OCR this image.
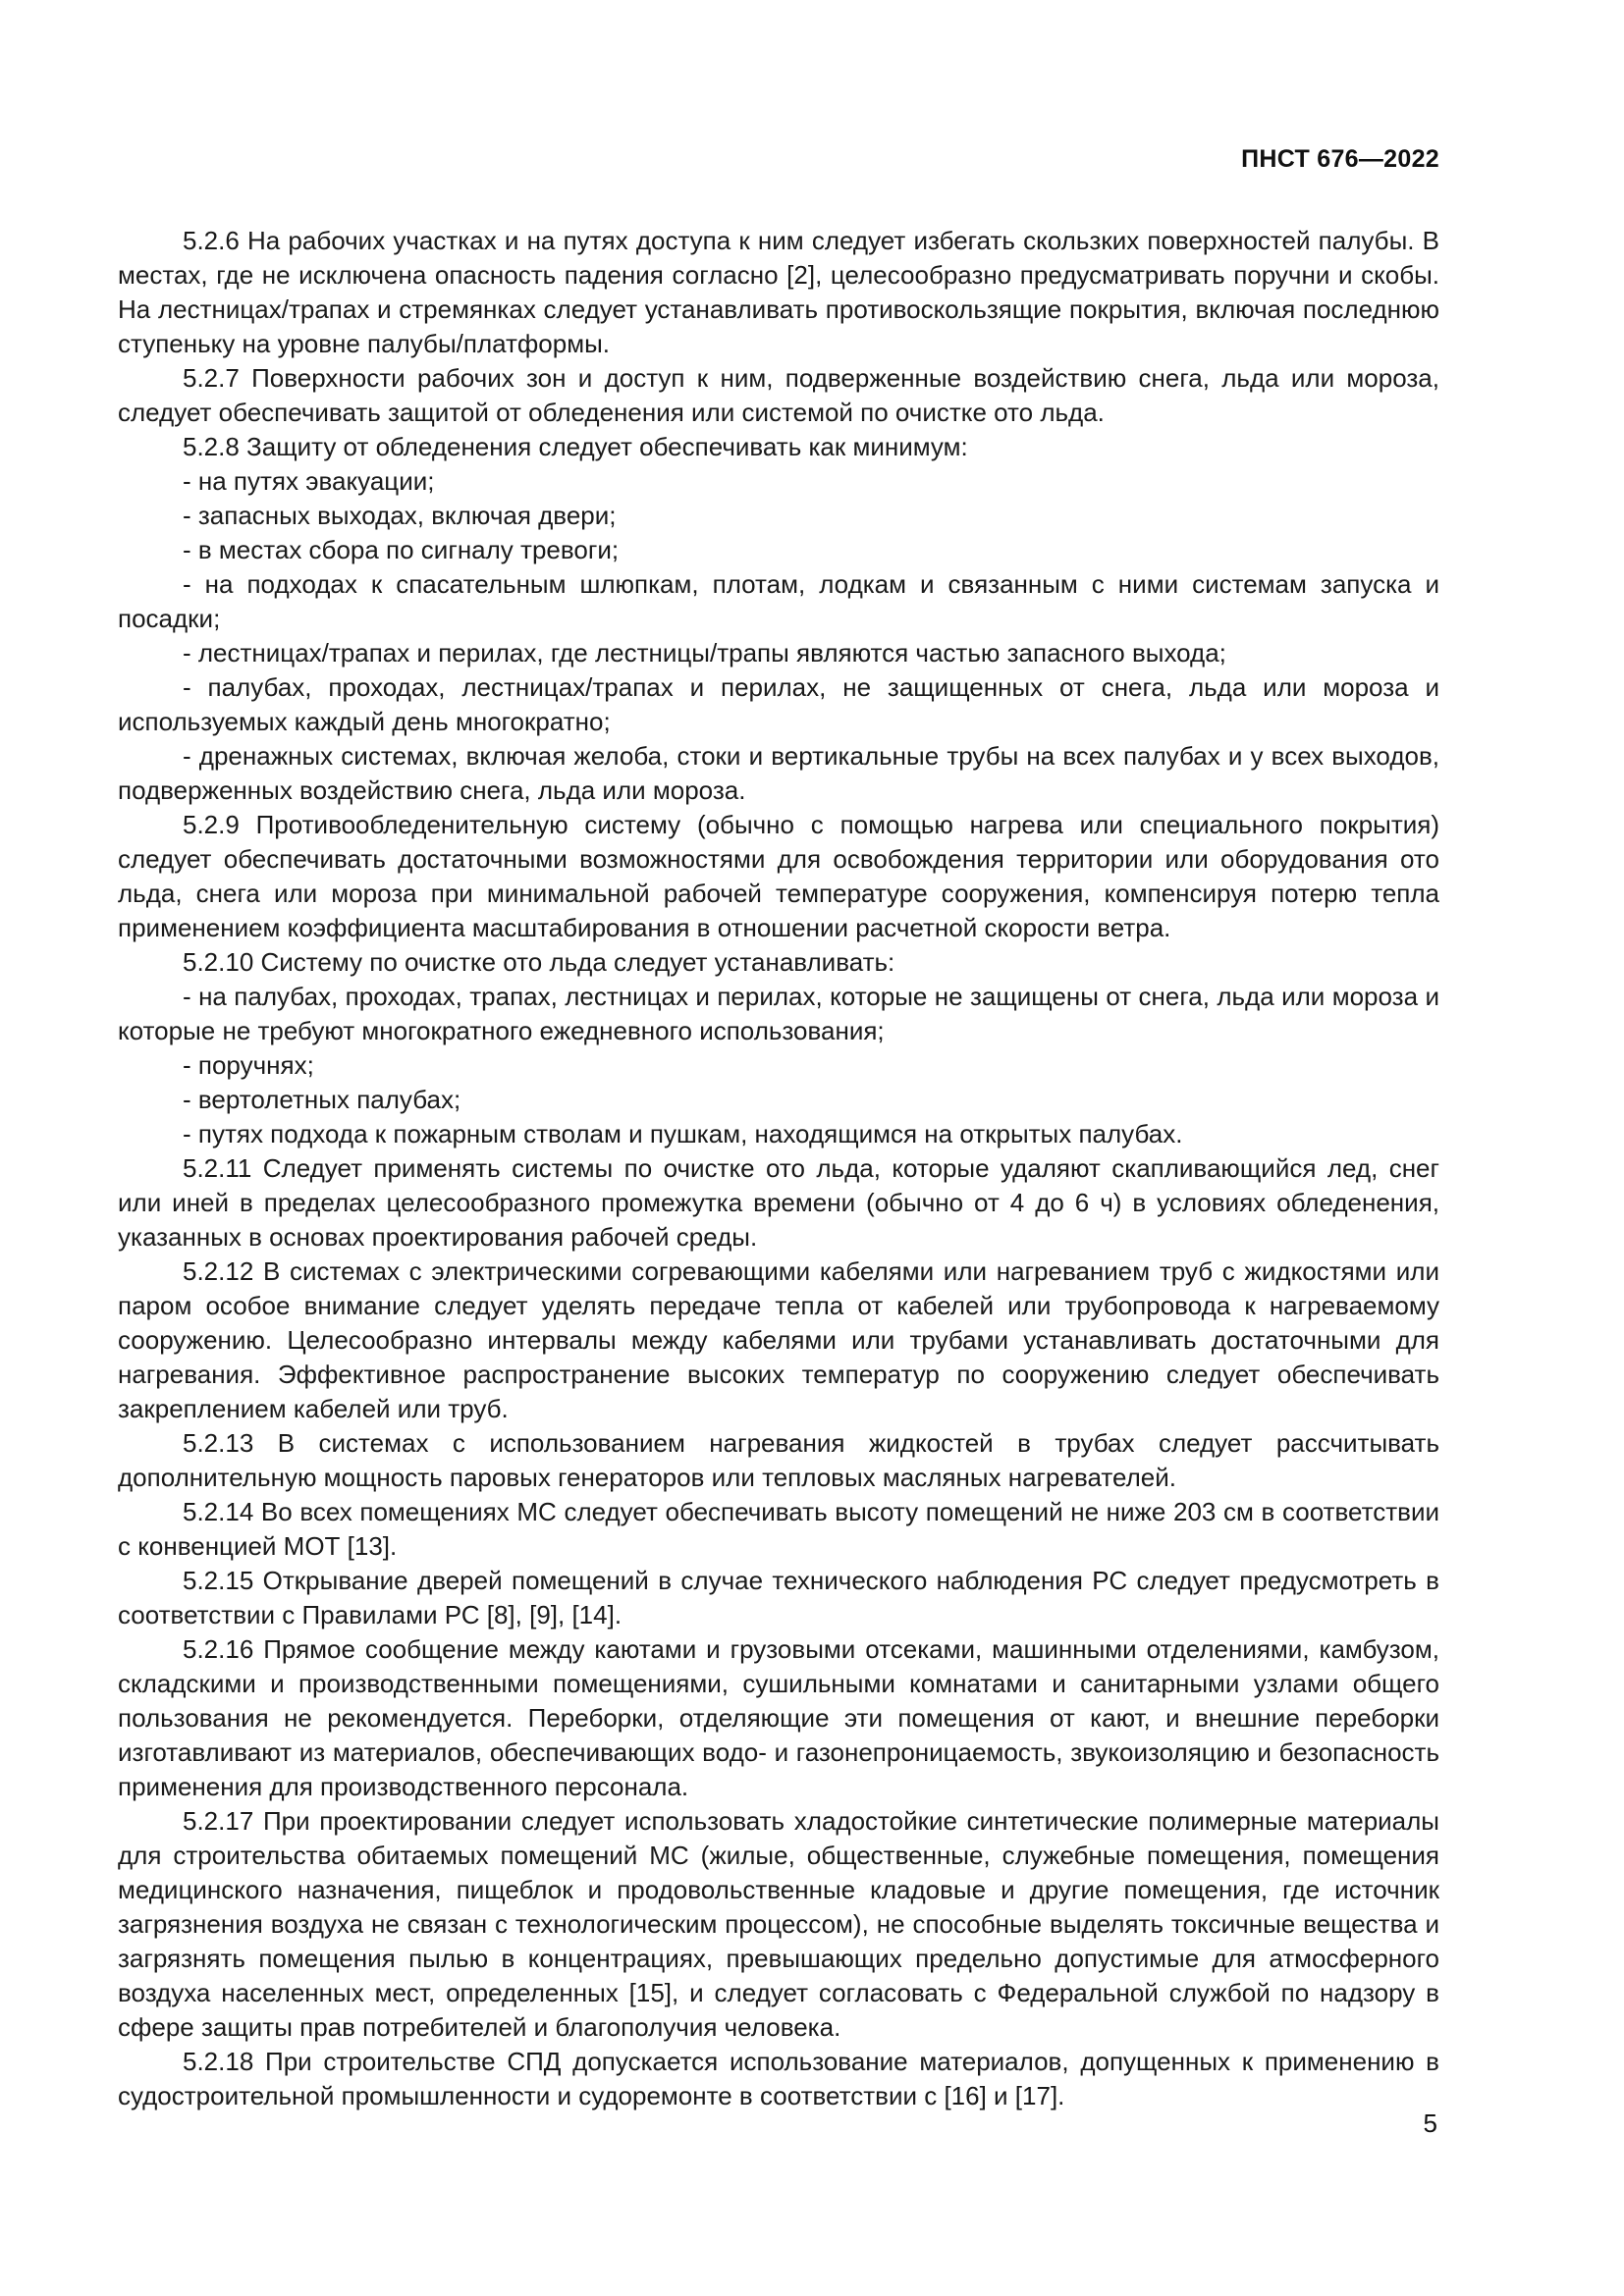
ПНСТ 676—2022

5.2.6 На рабочих участках и на путях доступа к ним следует избегать скользких поверхностей палубы. В местах, где не исключена опасность падения согласно [2], целесообразно предусматривать поручни и скобы. На лестницах/трапах и стремянках следует устанавливать противоскользящие покрытия, включая последнюю ступеньку на уровне палубы/платформы.

5.2.7 Поверхности рабочих зон и доступ к ним, подверженные воздействию снега, льда или мороза, следует обеспечивать защитой от обледенения или системой по очистке ото льда.

5.2.8 Защиту от обледенения следует обеспечивать как минимум:

- на путях эвакуации;

- запасных выходах, включая двери;

- в местах сбора по сигналу тревоги;

- на подходах к спасательным шлюпкам, плотам, лодкам и связанным с ними системам запуска и посадки;

- лестницах/трапах и перилах, где лестницы/трапы являются частью запасного выхода;

- палубах, проходах, лестницах/трапах и перилах, не защищенных от снега, льда или мороза и используемых каждый день многократно;

- дренажных системах, включая желоба, стоки и вертикальные трубы на всех палубах и у всех выходов, подверженных воздействию снега, льда или мороза.

5.2.9 Противообледенительную систему (обычно с помощью нагрева или специального покрытия) следует обеспечивать достаточными возможностями для освобождения территории или оборудования ото льда, снега или мороза при минимальной рабочей температуре сооружения, компенсируя потерю тепла применением коэффициента масштабирования в отношении расчетной скорости ветра.

5.2.10 Систему по очистке ото льда следует устанавливать:

- на палубах, проходах, трапах, лестницах и перилах, которые не защищены от снега, льда или мороза и которые не требуют многократного ежедневного использования;

- поручнях;

- вертолетных палубах;

- путях подхода к пожарным стволам и пушкам, находящимся на открытых палубах.

5.2.11 Следует применять системы по очистке ото льда, которые удаляют скапливающийся лед, снег или иней в пределах целесообразного промежутка времени (обычно от 4 до 6 ч) в условиях обледенения, указанных в основах проектирования рабочей среды.

5.2.12 В системах с электрическими согревающими кабелями или нагреванием труб с жидкостями или паром особое внимание следует уделять передаче тепла от кабелей или трубопровода к нагреваемому сооружению. Целесообразно интервалы между кабелями или трубами устанавливать достаточными для нагревания. Эффективное распространение высоких температур по сооружению следует обеспечивать закреплением кабелей или труб.

5.2.13 В системах с использованием нагревания жидкостей в трубах следует рассчитывать дополнительную мощность паровых генераторов или тепловых масляных нагревателей.

5.2.14 Во всех помещениях МС следует обеспечивать высоту помещений не ниже 203 см в соответствии с конвенцией МОТ [13].

5.2.15 Открывание дверей помещений в случае технического наблюдения РС следует предусмотреть в соответствии с Правилами РС [8], [9], [14].

5.2.16 Прямое сообщение между каютами и грузовыми отсеками, машинными отделениями, камбузом, складскими и производственными помещениями, сушильными комнатами и санитарными узлами общего пользования не рекомендуется. Переборки, отделяющие эти помещения от кают, и внешние переборки изготавливают из материалов, обеспечивающих водо- и газонепроницаемость, звукоизоляцию и безопасность применения для производственного персонала.

5.2.17 При проектировании следует использовать хладостойкие синтетические полимерные материалы для строительства обитаемых помещений МС (жилые, общественные, служебные помещения, помещения медицинского назначения, пищеблок и продовольственные кладовые и другие помещения, где источник загрязнения воздуха не связан с технологическим процессом), не способные выделять токсичные вещества и загрязнять помещения пылью в концентрациях, превышающих предельно допустимые для атмосферного воздуха населенных мест, определенных [15], и следует согласовать с Федеральной службой по надзору в сфере защиты прав потребителей и благополучия человека.

5.2.18 При строительстве СПД допускается использование материалов, допущенных к применению в судостроительной промышленности и судоремонте в соответствии с [16] и [17].

5
